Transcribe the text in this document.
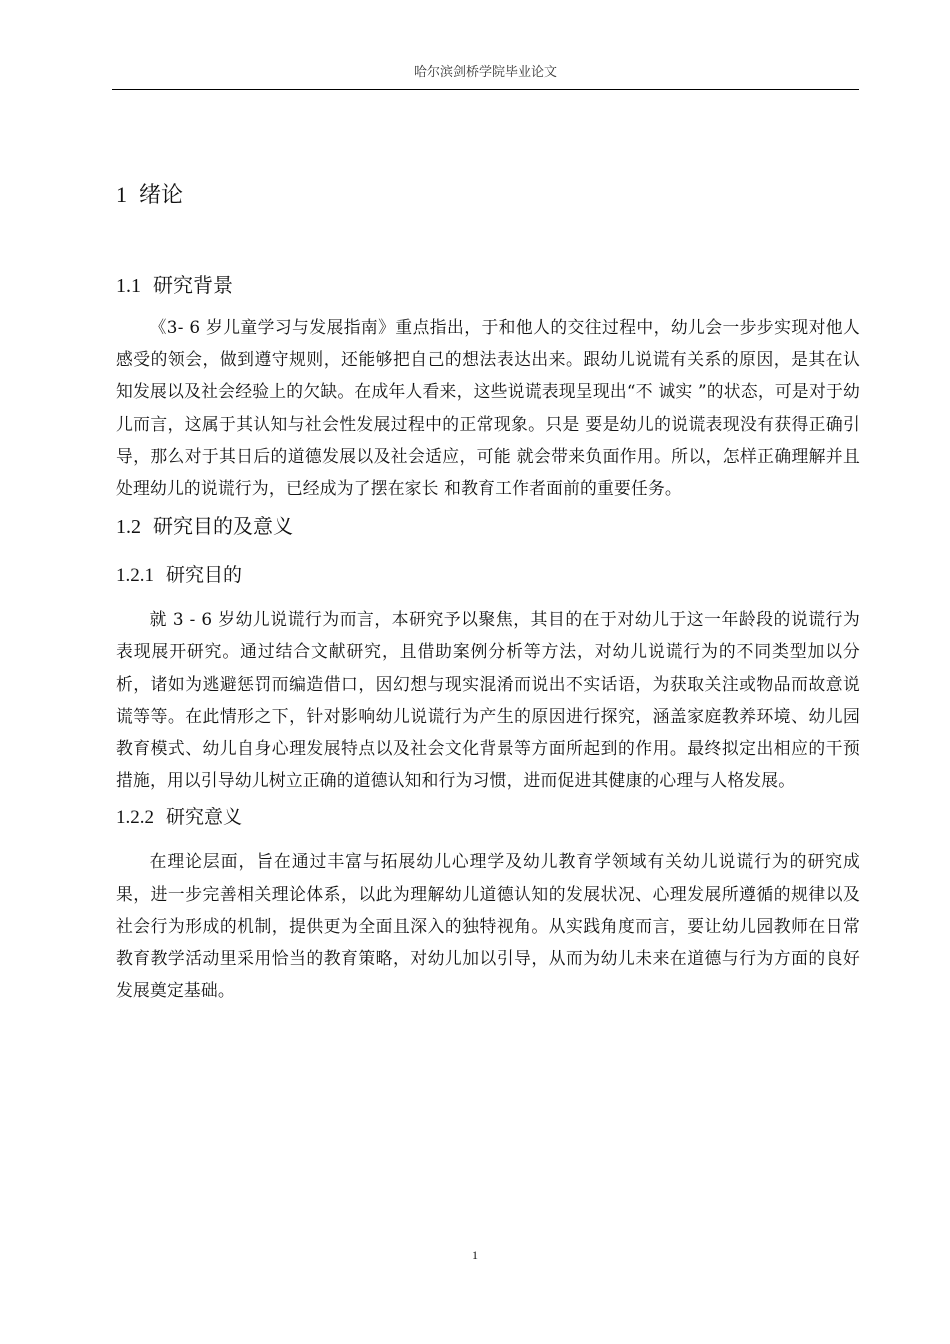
哈尔滨剑桥学院毕业论文
1 绪论
1.1 研究背景

《3- 6 岁儿童学习与发展指南》重点指出，于和他人的交往过程中，幼儿会一步步实现对他人感受的领会，做到遵守规则，还能够把自己的想法表达出来。跟幼儿说谎有关系的原因，是其在认知发展以及社会经验上的欠缺。在成年人看来，这些说谎表现呈现出“不 诚实 ”的状态，可是对于幼儿而言，这属于其认知与社会性发展过程中的正常现象。只是 要是幼儿的说谎表现没有获得正确引导，那么对于其日后的道德发展以及社会适应，可能 就会带来负面作用。所以，怎样正确理解并且处理幼儿的说谎行为，已经成为了摆在家长 和教育工作者面前的重要任务。

1.2 研究目的及意义
1.2.1 研究目的

就 3 - 6 岁幼儿说谎行为而言，本研究予以聚焦，其目的在于对幼儿于这一年龄段的说谎行为表现展开研究。通过结合文献研究，且借助案例分析等方法，对幼儿说谎行为的不同类型加以分析，诸如为逃避惩罚而编造借口，因幻想与现实混淆而说出不实话语，为获取关注或物品而故意说谎等等。在此情形之下，针对影响幼儿说谎行为产生的原因进行探究，涵盖家庭教养环境、幼儿园教育模式、幼儿自身心理发展特点以及社会文化背景等方面所起到的作用。最终拟定出相应的干预措施，用以引导幼儿树立正确的道德认知和行为习惯，进而促进其健康的心理与人格发展。

1.2.2 研究意义

在理论层面，旨在通过丰富与拓展幼儿心理学及幼儿教育学领域有关幼儿说谎行为的研究成果，进一步完善相关理论体系，以此为理解幼儿道德认知的发展状况、心理发展所遵循的规律以及社会行为形成的机制，提供更为全面且深入的独特视角。从实践角度而言，要让幼儿园教师在日常教育教学活动里采用恰当的教育策略，对幼儿加以引导，从而为幼儿未来在道德与行为方面的良好发展奠定基础。

1
